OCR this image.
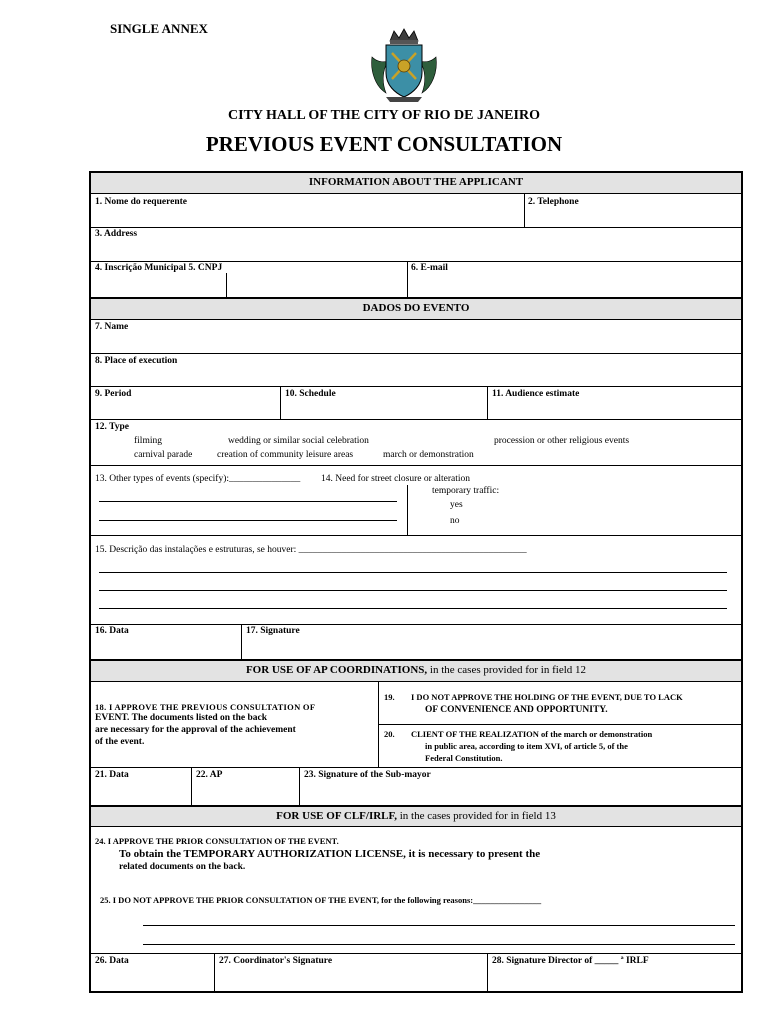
SINGLE ANNEX
CITY HALL OF THE CITY OF RIO DE JANEIRO
PREVIOUS EVENT CONSULTATION
INFORMATION ABOUT THE APPLICANT
1. Nome do requerente	2. Telephone
3. Address
4. Inscrição Municipal 5. CNPJ	6. E-mail
DADOS DO EVENTO
7. Name
8. Place of execution
9. Period	10. Schedule	11. Audience estimate
12. Type
filming	wedding or similar social celebration	procession or other religious events
carnival parade	creation of community leisure areas	march or demonstration
13. Other types of events (specify):_______________ 14. Need for street closure or alteration
temporary traffic:
yes
no
15. Descrição das instalações e estruturas, se houver: ________________________________________________
16. Data	17. Signature
FOR USE OF AP COORDINATIONS, in the cases provided for in field 12
18. I APPROVE THE PREVIOUS CONSULTATION OF
EVENT. The documents listed on the back
are necessary for the approval of the achievement
of the event.
19. I DO NOT APPROVE THE HOLDING OF THE EVENT, DUE TO LACK
OF CONVENIENCE AND OPPORTUNITY.
20. CLIENT OF THE REALIZATION of the march or demonstration
in public area, according to item XVI, of article 5, of the
Federal Constitution.
21. Data	22. AP	23. Signature of the Sub-mayor
FOR USE OF CLF/IRLF, in the cases provided for in field 13
24. I APPROVE THE PRIOR CONSULTATION OF THE EVENT.
To obtain the TEMPORARY AUTHORIZATION LICENSE, it is necessary to present the
related documents on the back.
25. I DO NOT APPROVE THE PRIOR CONSULTATION OF THE EVENT, for the following reasons:________________
26. Data	27. Coordinator's Signature	28. Signature Director of _____ ª IRLF
